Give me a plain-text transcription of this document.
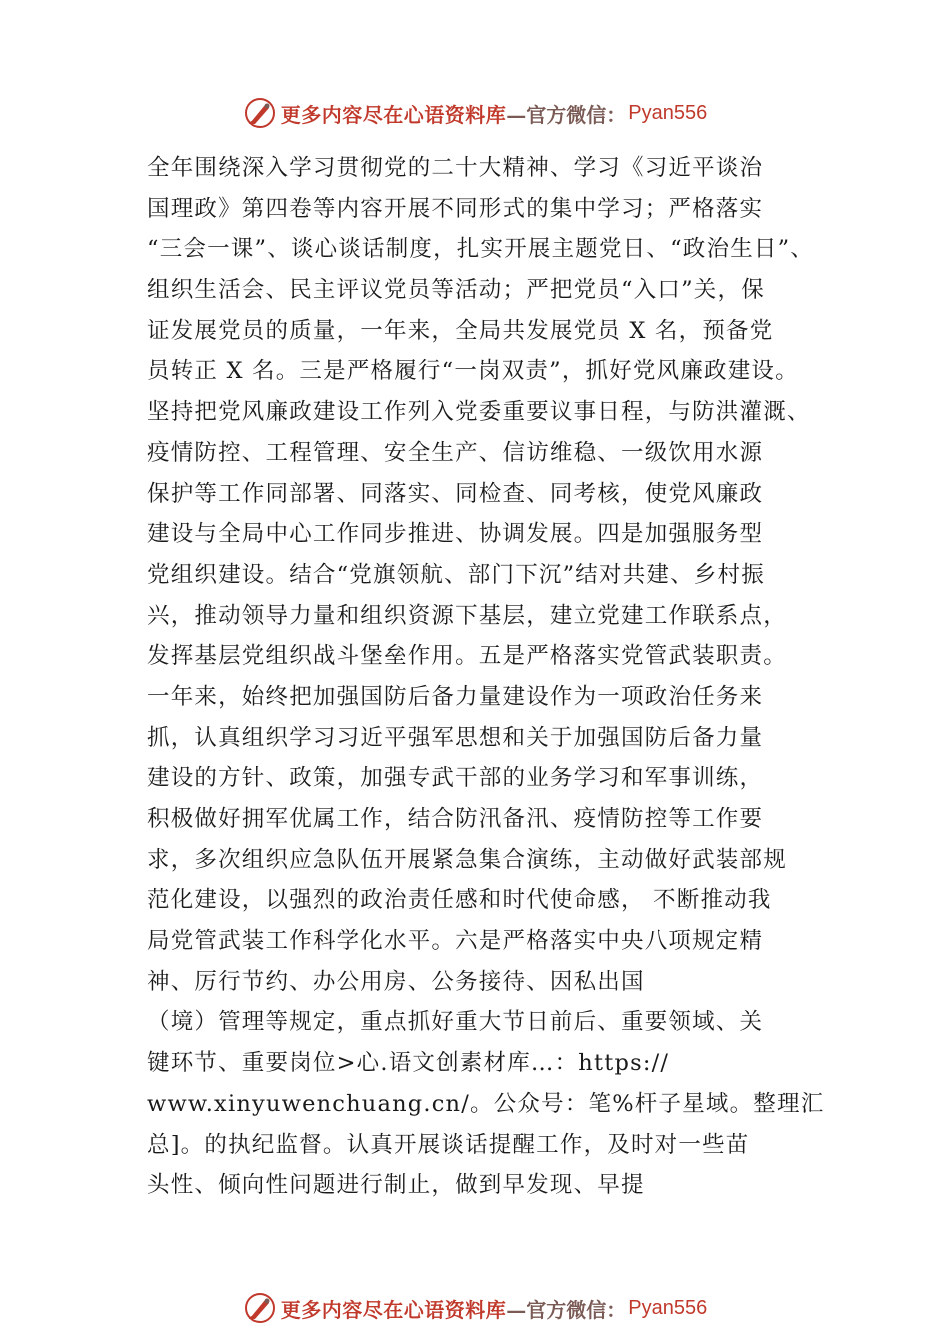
更多内容尽在心语资料库 —官方微信： Pyan556
全年围绕深入学习贯彻党的二十大精神、学习《习近平谈治
国理政》第四卷等内容开展不同形式的集中学习；严格落实
“三会一课”、谈心谈话制度，扎实开展主题党日、“政治生日”、
组织生活会、民主评议党员等活动；严把党员“入口”关，保
证发展党员的质量，一年来，全局共发展党员 X 名，预备党
员转正 X 名。三是严格履行“一岗双责”，抓好党风廉政建设。
坚持把党风廉政建设工作列入党委重要议事日程，与防洪灌溉、
疫情防控、工程管理、安全生产、信访维稳、一级饮用水源
保护等工作同部署、同落实、同检查、同考核，使党风廉政
建设与全局中心工作同步推进、协调发展。四是加强服务型
党组织建设。结合“党旗领航、部门下沉”结对共建、乡村振
兴，推动领导力量和组织资源下基层，建立党建工作联系点，
发挥基层党组织战斗堡垒作用。五是严格落实党管武装职责。
一年来，始终把加强国防后备力量建设作为一项政治任务来
抓，认真组织学习习近平强军思想和关于加强国防后备力量
建设的方针、政策，加强专武干部的业务学习和军事训练，
积极做好拥军优属工作，结合防汛备汛、疫情防控等工作要
求，多次组织应急队伍开展紧急集合演练，主动做好武装部规
范化建设，以强烈的政治责任感和时代使命感， 不断推动我
局党管武装工作科学化水平。六是严格落实中央八项规定精
神、厉行节约、办公用房、公务接待、因私出国
（境）管理等规定，重点抓好重大节日前后、重要领域、关
键环节、重要岗位>心.语文创素材库…：https://
www.xinyuwenchuang.cn/。公众号：笔%杆子星域。整理汇
总]。的执纪监督。认真开展谈话提醒工作，及时对一些苗
头性、倾向性问题进行制止，做到早发现、早提
更多内容尽在心语资料库 —官方微信： Pyan556
